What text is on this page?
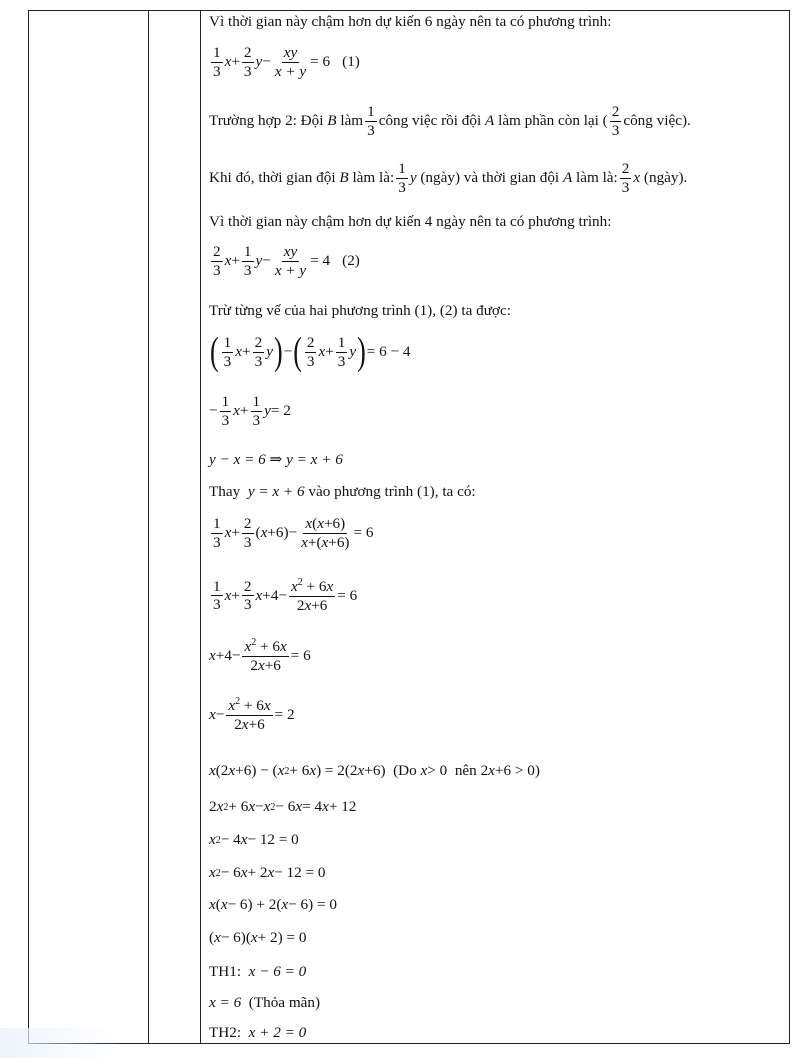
Vì thời gian này chậm hơn dự kiến 6 ngày nên ta có phương trình:
$\frac{1}{3}$ $x + \frac{2}{3}$ $y - \frac{xy}{x + y} = 6$ (1)
Trường hợp 2: Đội
B
làm $\frac{1}{3}$ công việc rồi đội
A
làm phần còn lại ( $\frac{2}{3}$ công việc).
Khi đó, thời gian đội
B
làm là: $\frac{1}{3}$ y
(ngày) và thời gian đội
A
làm là: $\frac{2}{3}$ x
(ngày).
Vì thời gian này chậm hơn dự kiến 4 ngày nên ta có phương trình:
$\frac{2}{3}$ $x + \frac{1}{3}$ $y - \frac{xy}{x + y} = 4$ (2)
Trừ từng vế của hai phương trình (1), (2) ta được:
( $\frac{1}{3}$ $x + \frac{2}{3}$ y ) − ( $\frac{2}{3}$ $x + \frac{1}{3}$ y ) = 6 − 4
− $\frac{1}{3}$ $x + \frac{1}{3}$ y = 2
y − x = 6 ⇒ y = x + 6
Thay
y = x + 6
vào phương trình (1), ta có:
$\frac{1}{3}$ $x + \frac{2}{3}$ ( $x +6)- \frac{x(x+6)}{x+(x+6)} = 6$
$\frac{1}{3}$ $x + \frac{2}{3}$ $x +4- \frac{x^2 + 6x}{2x+6} = 6$
$x +4- \frac{x^2 + 6x}{2x+6} = 6$
$x - \frac{x^2 + 6x}{2x+6} = 2$
x (2 x +6) − ( x 2 + 6 x ) = 2(2 x +6) (Do
x > 0 nên 2 x +6 > 0)
2 x 2 + 6 x − x 2 − 6 x = 4 x + 12
x 2 − 4 x − 12 = 0
x 2 − 6 x + 2 x − 12 = 0
x ( x − 6) + 2( x − 6) = 0
( x − 6)( x + 2) = 0
TH1:
x − 6 = 0
x = 6
(Thỏa mãn)
TH2:
x + 2 = 0
